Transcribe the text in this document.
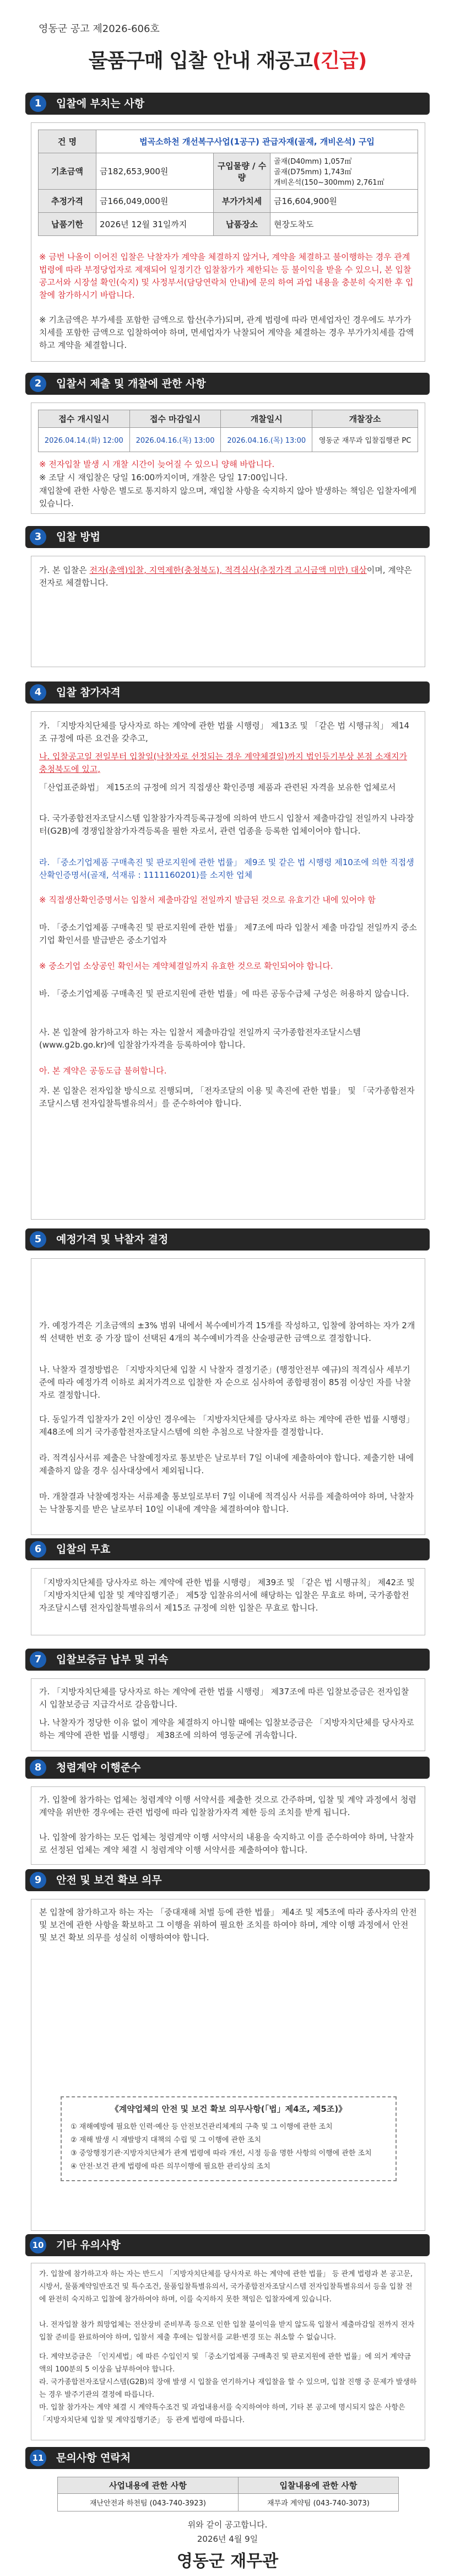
영동군 공고 제2026-606호
물품구매 입찰 안내 재공고(긴급)
1	입찰에 부치는 사항
건 명	법곡소하천 개선복구사업(1공구) 관급자재(골재, 개비온석) 구입		
기초금액	금182,653,900원	구입물량 / 수량	골재(D40mm) 1,057㎥
골재(D75mm) 1,743㎥
개비온석(150~300mm) 2,761㎥

추정가격	금166,049,000원	부가가치세	금16,604,900원
납품기한	2026년 12월 31일까지	납품장소	현장도착도
※ 금번 나올이 이어진 입찰은 낙찰자가 계약을 체결하지 않거나, 계약을 체결하고 불이행하는 경우 관계 법령에 따라 부정당업자로 제재되어 일정기간 입찰참가가 제한되는 등 불이익을 받을 수 있으니, 본 입찰 공고서와 시장설 확인(숙지) 및 사정부서(담당연락처 안내)에 문의 하여 과업 내용을 충분히 숙지한 후 입찰에 참가하시기 바랍니다.
※ 기초금액은 부가세를 포함한 금액으로 합산(추가)되며, 관계 법령에 따라 면세업자인 경우에도 부가가치세를 포함한 금액으로 입찰하여야 하며, 면세업자가 낙찰되어 계약을 체결하는 경우 부가가치세를 감액하고 계약을 체결합니다.
2	입찰서 제출 및 개찰에 관한 사항
접수 개시일시	접수 마감일시	개찰일시	개찰장소
2026.04.14.(화) 12:00	2026.04.16.(목) 13:00	2026.04.16.(목) 13:00	영동군 재무과 입찰집행관 PC
※ 전자입찰 발생 시 개찰 시간이 늦어질 수 있으니 양해 바랍니다.
※ 조달 시 재입찰은 당일 16:00까지이며, 개찰은 당일 17:00입니다.
재입찰에 관한 사항은 별도로 통지하지 않으며, 재입찰 사항을 숙지하지 않아 발생하는 책임은 입찰자에게 있습니다.
3	입찰 방법
가. 본 입찰은 전자(총액)입찰, 지역제한(충청북도), 적격심사(추정가격 고시금액 미만) 대상이며, 계약은 전자로 체결합니다.
4	입찰 참가자격
가. 「지방자치단체를 당사자로 하는 계약에 관한 법률 시행령」 제13조 및 「같은 법 시행규칙」 제14조 규정에 따른 요건을 갖추고,
나. 입찰공고일 전일부터 입찰일(낙찰자로 선정되는 경우 계약체결일)까지 법인등기부상 본점 소재지가 충청북도에 있고,
「산업표준화법」 제15조의 규정에 의거 직접생산 확인증명 제품과 관련된 자격을 보유한 업체로서
다. 국가종합전자조달시스템 입찰참가자격등록규정에 의하여 반드시 입찰서 제출마감일 전일까지 나라장터(G2B)에 경쟁입찰참가자격등록을 필한 자로서, 관련 업종을 등록한 업체이어야 합니다.
라. 「중소기업제품 구매촉진 및 판로지원에 관한 법률」 제9조 및 같은 법 시행령 제10조에 의한 직접생산확인증명서(골재, 석재류 : 1111160201)를 소지한 업체
※ 직접생산확인증명서는 입찰서 제출마감일 전일까지 발급된 것으로 유효기간 내에 있어야 함
마. 「중소기업제품 구매촉진 및 판로지원에 관한 법률」 제7조에 따라 입찰서 제출 마감일 전일까지 중소기업 확인서를 발급받은 중소기업자
※ 중소기업 소상공인 확인서는 계약체결일까지 유효한 것으로 확인되어야 합니다.
바. 「중소기업제품 구매촉진 및 판로지원에 관한 법률」에 따른 공동수급체 구성은 허용하지 않습니다.
사. 본 입찰에 참가하고자 하는 자는 입찰서 제출마감일 전일까지 국가종합전자조달시스템(www.g2b.go.kr)에 입찰참가자격을 등록하여야 합니다.
아. 본 계약은 공동도급 불허합니다.
자. 본 입찰은 전자입찰 방식으로 진행되며, 「전자조달의 이용 및 촉진에 관한 법률」 및 「국가종합전자조달시스템 전자입찰특별유의서」를 준수하여야 합니다.
5	예정가격 및 낙찰자 결정
가. 예정가격은 기초금액의 ±3% 범위 내에서 복수예비가격 15개를 작성하고, 입찰에 참여하는 자가 2개씩 선택한 번호 중 가장 많이 선택된 4개의 복수예비가격을 산술평균한 금액으로 결정합니다.
나. 낙찰자 결정방법은 「지방자치단체 입찰 시 낙찰자 결정기준」(행정안전부 예규)의 적격심사 세부기준에 따라 예정가격 이하로 최저가격으로 입찰한 자 순으로 심사하여 종합평점이 85점 이상인 자를 낙찰자로 결정합니다.
다. 동일가격 입찰자가 2인 이상인 경우에는 「지방자치단체를 당사자로 하는 계약에 관한 법률 시행령」 제48조에 의거 국가종합전자조달시스템에 의한 추첨으로 낙찰자를 결정합니다.
라. 적격심사서류 제출은 낙찰예정자로 통보받은 날로부터 7일 이내에 제출하여야 합니다. 제출기한 내에 제출하지 않을 경우 심사대상에서 제외됩니다.
마. 개찰결과 낙찰예정자는 서류제출 통보일로부터 7일 이내에 적격심사 서류를 제출하여야 하며, 낙찰자는 낙찰통지를 받은 날로부터 10일 이내에 계약을 체결하여야 합니다.
6	입찰의 무효
「지방자치단체를 당사자로 하는 계약에 관한 법률 시행령」 제39조 및 「같은 법 시행규칙」 제42조 및 「지방자치단체 입찰 및 계약집행기준」 제5장 입찰유의서에 해당하는 입찰은 무효로 하며, 국가종합전자조달시스템 전자입찰특별유의서 제15조 규정에 의한 입찰은 무효로 합니다.
7	입찰보증금 납부 및 귀속
가. 「지방자치단체를 당사자로 하는 계약에 관한 법률 시행령」 제37조에 따른 입찰보증금은 전자입찰 시 입찰보증금 지급각서로 갈음합니다.
나. 낙찰자가 정당한 이유 없이 계약을 체결하지 아니할 때에는 입찰보증금은 「지방자치단체를 당사자로 하는 계약에 관한 법률 시행령」 제38조에 의하여 영동군에 귀속합니다.
8	청렴계약 이행준수
가. 입찰에 참가하는 업체는 청렴계약 이행 서약서를 제출한 것으로 간주하며, 입찰 및 계약 과정에서 청렴계약을 위반한 경우에는 관련 법령에 따라 입찰참가자격 제한 등의 조치를 받게 됩니다.
나. 입찰에 참가하는 모든 업체는 청렴계약 이행 서약서의 내용을 숙지하고 이를 준수하여야 하며, 낙찰자로 선정된 업체는 계약 체결 시 청렴계약 이행 서약서를 제출하여야 합니다.
9	안전 및 보건 확보 의무
본 입찰에 참가하고자 하는 자는 「중대재해 처벌 등에 관한 법률」 제4조 및 제5조에 따라 종사자의 안전 및 보건에 관한 사항을 확보하고 그 이행을 위하여 필요한 조치를 하여야 하며, 계약 이행 과정에서 안전 및 보건 확보 의무를 성실히 이행하여야 합니다.
《계약업체의 안전 및 보건 확보 의무사항(「법」제4조, 제5조)》
① 재해예방에 필요한 인력·예산 등 안전보건관리체계의 구축 및 그 이행에 관한 조치
② 재해 발생 시 재발방지 대책의 수립 및 그 이행에 관한 조치
③ 중앙행정기관·지방자치단체가 관계 법령에 따라 개선, 시정 등을 명한 사항의 이행에 관한 조치
④ 안전·보건 관계 법령에 따른 의무이행에 필요한 관리상의 조치
10 기타 유의사항
가. 입찰에 참가하고자 하는 자는 반드시 「지방자치단체를 당사자로 하는 계약에 관한 법률」 등 관계 법령과 본 공고문, 시방서, 물품계약일반조건 및 특수조건, 물품입찰특별유의서, 국가종합전자조달시스템 전자입찰특별유의서 등을 입찰 전에 완전히 숙지하고 입찰에 참가하여야 하며, 이를 숙지하지 못한 책임은 입찰자에게 있습니다.
나. 전자입찰 참가 희망업체는 전산장비 준비부족 등으로 인한 입찰 불이익을 받지 않도록 입찰서 제출마감일 전까지 전자입찰 준비를 완료하여야 하며, 입찰서 제출 후에는 입찰서를 교환·변경 또는 취소할 수 없습니다.
다. 계약보증금은 「인지세법」에 따른 수입인지 및 「중소기업제품 구매촉진 및 판로지원에 관한 법률」에 의거 계약금액의 100분의 5 이상을 납부하여야 합니다.
라. 국가종합전자조달시스템(G2B)의 장애 발생 시 입찰을 연기하거나 재입찰을 할 수 있으며, 입찰 진행 중 문제가 발생하는 경우 발주기관의 결정에 따릅니다.
마. 입찰 참가자는 계약 체결 시 계약특수조건 및 과업내용서를 숙지하여야 하며, 기타 본 공고에 명시되지 않은 사항은 「지방자치단체 입찰 및 계약집행기준」 등 관계 법령에 따릅니다.
11 문의사항 연락처
사업내용에 관한 사항	입찰내용에 관한 사항
재난안전과 하천팀 (043-740-3923)	재무과 계약팀 (043-740-3073)
위와 같이 공고합니다.
2026년 4월 9일
영동군 재무관
